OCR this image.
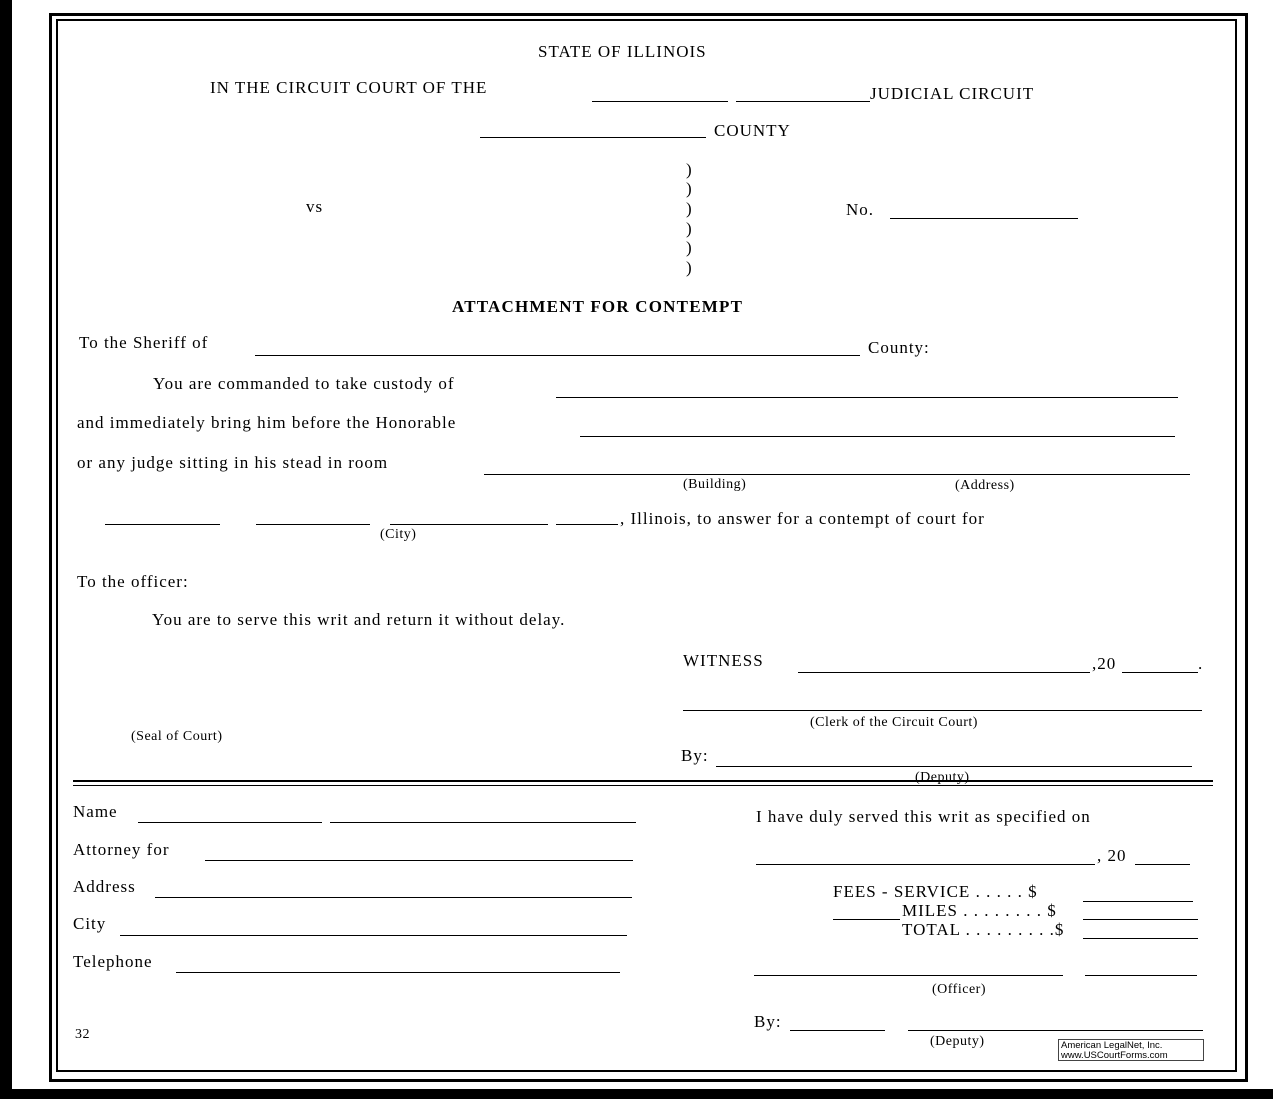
STATE OF ILLINOIS
IN THE CIRCUIT COURT OF THE	JUDICIAL CIRCUIT
COUNTY
)
)
)
)
)
)
vs	No.
ATTACHMENT FOR CONTEMPT
To the Sheriff of	County:
You are commanded to take custody of
and immediately bring him before the Honorable
or any judge sitting in his stead in room
(Building)	(Address)
, Illinois, to answer for a contempt of court for
(City)
To the officer:
You are to serve this writ and return it without delay.
WITNESS	,20	.
(Clerk of the Circuit Court)
(Seal of Court)
By:
(Deputy)
Name
Attorney for
Address
City
Telephone
32
I have duly served this writ as specified on
, 20
FEES - SERVICE . . . . . $
MILES . . . . . . . . $
TOTAL . . . . . . . . .$
(Officer)
By:
(Deputy)	American LegalNet, Inc.
www.USCourtForms.com
